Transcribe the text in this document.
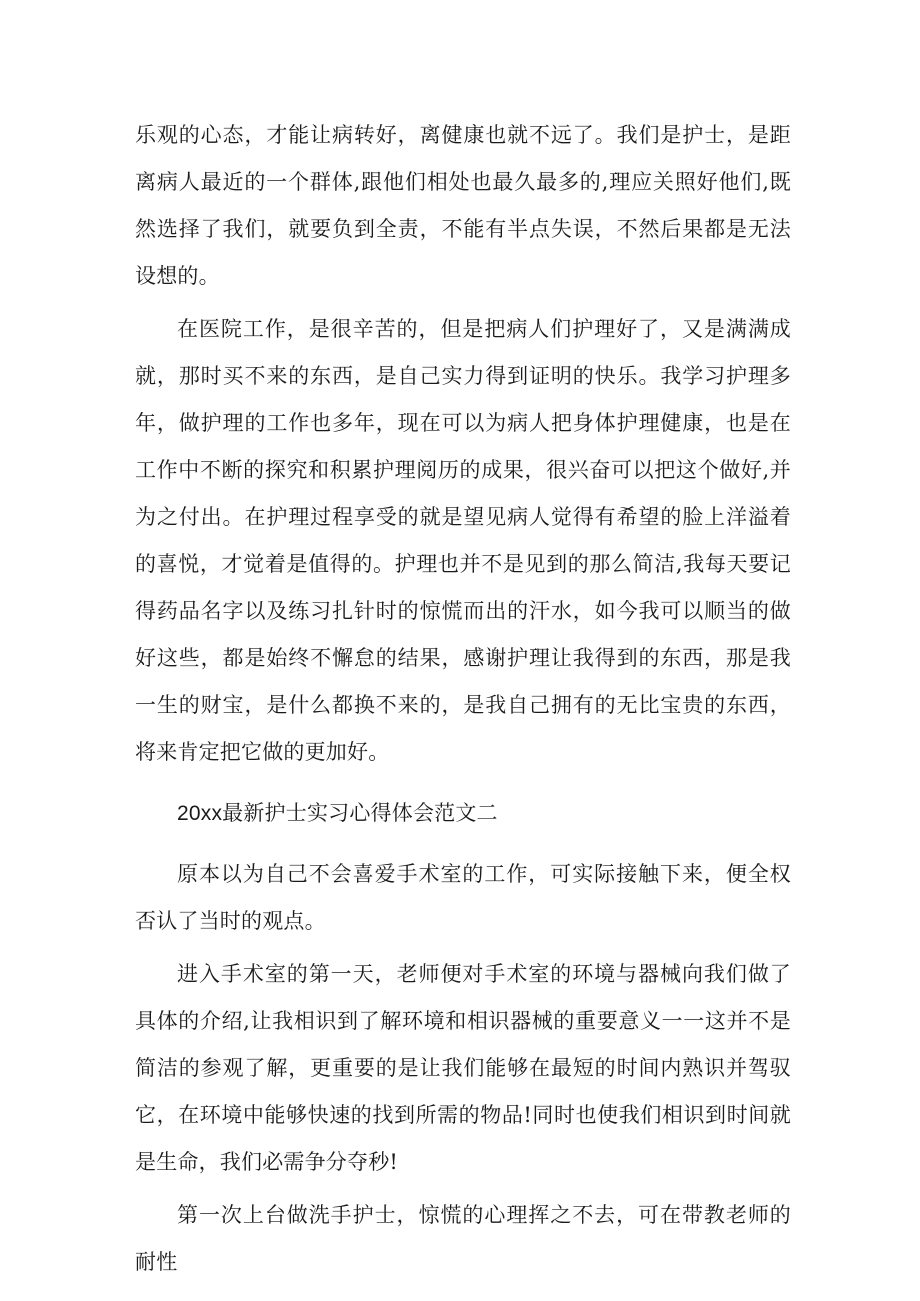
乐观的心态，才能让病转好，离健康也就不远了。我们是护士，是距离病人最近的一个群体,跟他们相处也最久最多的,理应关照好他们,既然选择了我们，就要负到全责，不能有半点失误，不然后果都是无法设想的。

在医院工作，是很辛苦的，但是把病人们护理好了，又是满满成就，那时买不来的东西，是自己实力得到证明的快乐。我学习护理多年，做护理的工作也多年，现在可以为病人把身体护理健康，也是在工作中不断的探究和积累护理阅历的成果，很兴奋可以把这个做好,并为之付出。在护理过程享受的就是望见病人觉得有希望的脸上洋溢着的喜悦，才觉着是值得的。护理也并不是见到的那么简洁,我每天要记得药品名字以及练习扎针时的惊慌而出的汗水，如今我可以顺当的做好这些，都是始终不懈怠的结果，感谢护理让我得到的东西，那是我一生的财宝，是什么都换不来的，是我自己拥有的无比宝贵的东西，将来肯定把它做的更加好。

20xx最新护士实习心得体会范文二

原本以为自己不会喜爱手术室的工作，可实际接触下来，便全权否认了当时的观点。

进入手术室的第一天，老师便对手术室的环境与器械向我们做了具体的介绍,让我相识到了解环境和相识器械的重要意义一一这并不是简洁的参观了解，更重要的是让我们能够在最短的时间内熟识并驾驭它，在环境中能够快速的找到所需的物品!同时也使我们相识到时间就是生命，我们必需争分夺秒!

第一次上台做洗手护士，惊慌的心理挥之不去，可在带教老师的耐性
